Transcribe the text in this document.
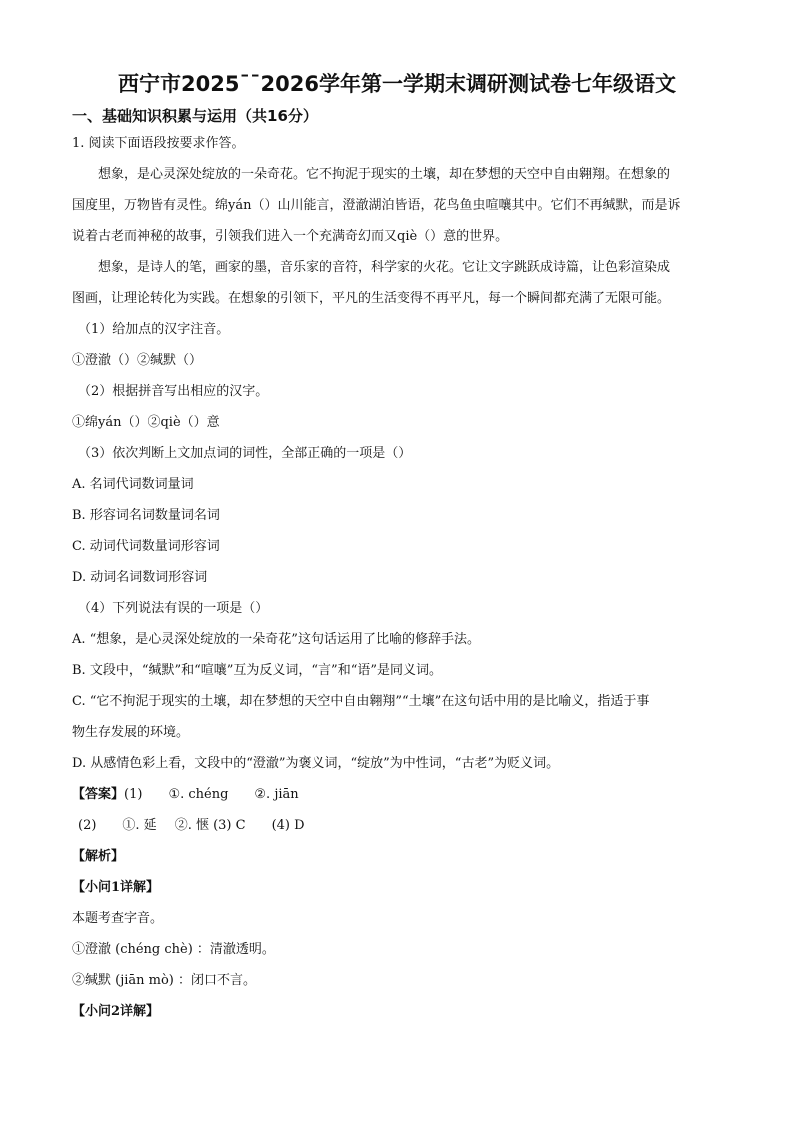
西宁市2025¯¯2026学年第一学期末调研测试卷七年级语文
一、基础知识积累与运用（共16分）
1. 阅读下面语段按要求作答。
想象，是心灵深处绽放的一朵奇花。它不拘泥于现实的土壤，却在梦想的天空中自由翱翔。在想象的
国度里，万物皆有灵性。绵yán（）山川能言，澄澈湖泊皆语，花鸟鱼虫喧嚷其中。它们不再缄默，而是诉
说着古老而神秘的故事，引领我们进入一个充满奇幻而又qiè（）意的世界。
想象，是诗人的笔，画家的墨，音乐家的音符，科学家的火花。它让文字跳跃成诗篇，让色彩渲染成
图画，让理论转化为实践。在想象的引领下，平凡的生活变得不再平凡，每一个瞬间都充满了无限可能。
（1）给加点的汉字注音。
①澄澈（）②缄默（）
（2）根据拼音写出相应的汉字。
①绵yán（）②qiè（）意
（3）依次判断上文加点词的词性，全部正确的一项是（）
A. 名词代词数词量词
B. 形容词名词数量词名词
C. 动词代词数量词形容词
D. 动词名词数词形容词
（4）下列说法有误的一项是（）
A. “想象，是心灵深处绽放的一朵奇花”这句话运用了比喻的修辞手法。
B. 文段中，“缄默”和“喧嚷”互为反义词，“言”和“语”是同义词。
C. “它不拘泥于现实的土壤，却在梦想的天空中自由翱翔”“土壤”在这句话中用的是比喻义，指适于事
物生存发展的环境。
D. 从感情色彩上看，文段中的“澄澈”为褒义词，“绽放”为中性词，“古老”为贬义词。
【答案】(1) ①. chéng ②. jiān
(2) ①. 延 ②. 惬 (3) C (4) D
【解析】
【小问1详解】
本题考查字音。
①澄澈 (chéng chè) ：清澈透明。
②缄默 (jiān mò) ：闭口不言。
【小问2详解】
